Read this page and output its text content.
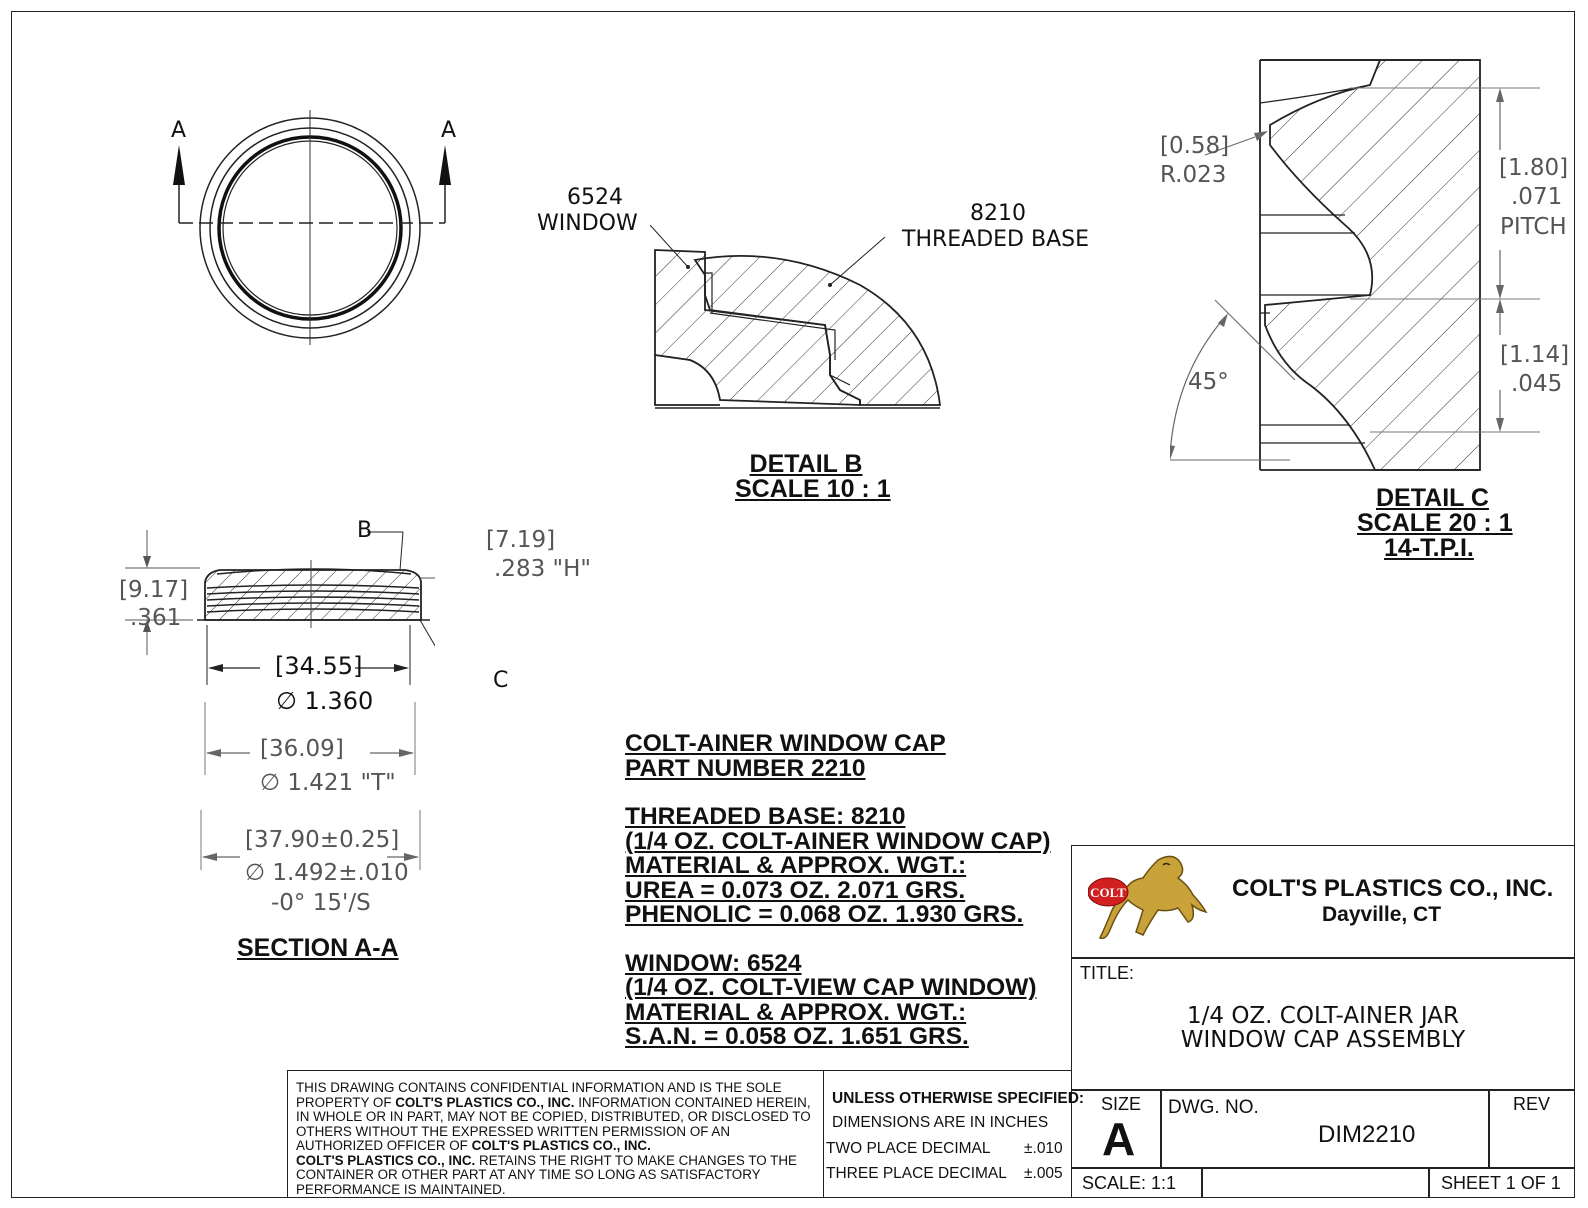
A	A
B
C
[9.17]
.361
[7.19]
.283 "H"
[34.55]
∅ 1.360
[36.09]
∅ 1.421 "T"
[37.90±0.25]
∅ 1.492±.010
-0° 15'/S
SECTION A-A
6524
WINDOW	8210
THREADED BASE
DETAIL B
SCALE 10 : 1
[0.58]
R.023	[1.80]
.071
PITCH
[1.14]
.045
45°
DETAIL C
SCALE 20 : 1
14-T.P.I.
COLT-AINER WINDOW CAP
PART NUMBER 2210
THREADED BASE: 8210
(1/4 OZ. COLT-AINER WINDOW CAP)
MATERIAL & APPROX. WGT.:
UREA = 0.073 OZ. 2.071 GRS.
PHENOLIC = 0.068 OZ. 1.930 GRS.
WINDOW: 6524
(1/4 OZ. COLT-VIEW CAP WINDOW)
MATERIAL & APPROX. WGT.:
S.A.N. = 0.058 OZ. 1.651 GRS.
COLT	COLT'S PLASTICS CO., INC.
Dayville, CT
TITLE:
1/4 OZ. COLT-AINER JAR
WINDOW CAP ASSEMBLY
SIZE
A
DWG. NO.
DIM2210
REV
SCALE: 1:1	SHEET 1 OF 1
UNLESS OTHERWISE SPECIFIED:
DIMENSIONS ARE IN INCHES
TWO PLACE DECIMAL ±.010
THREE PLACE DECIMAL ±.005
THIS DRAWING CONTAINS CONFIDENTIAL INFORMATION AND IS THE SOLE PROPERTY OF COLT'S PLASTICS CO., INC. INFORMATION CONTAINED HEREIN, IN WHOLE OR IN PART, MAY NOT BE COPIED, DISTRIBUTED, OR DISCLOSED TO OTHERS WITHOUT THE EXPRESSED WRITTEN PERMISSION OF AN AUTHORIZED OFFICER OF COLT'S PLASTICS CO., INC.
COLT'S PLASTICS CO., INC. RETAINS THE RIGHT TO MAKE CHANGES TO THE CONTAINER OR OTHER PART AT ANY TIME SO LONG AS SATISFACTORY PERFORMANCE IS MAINTAINED.
